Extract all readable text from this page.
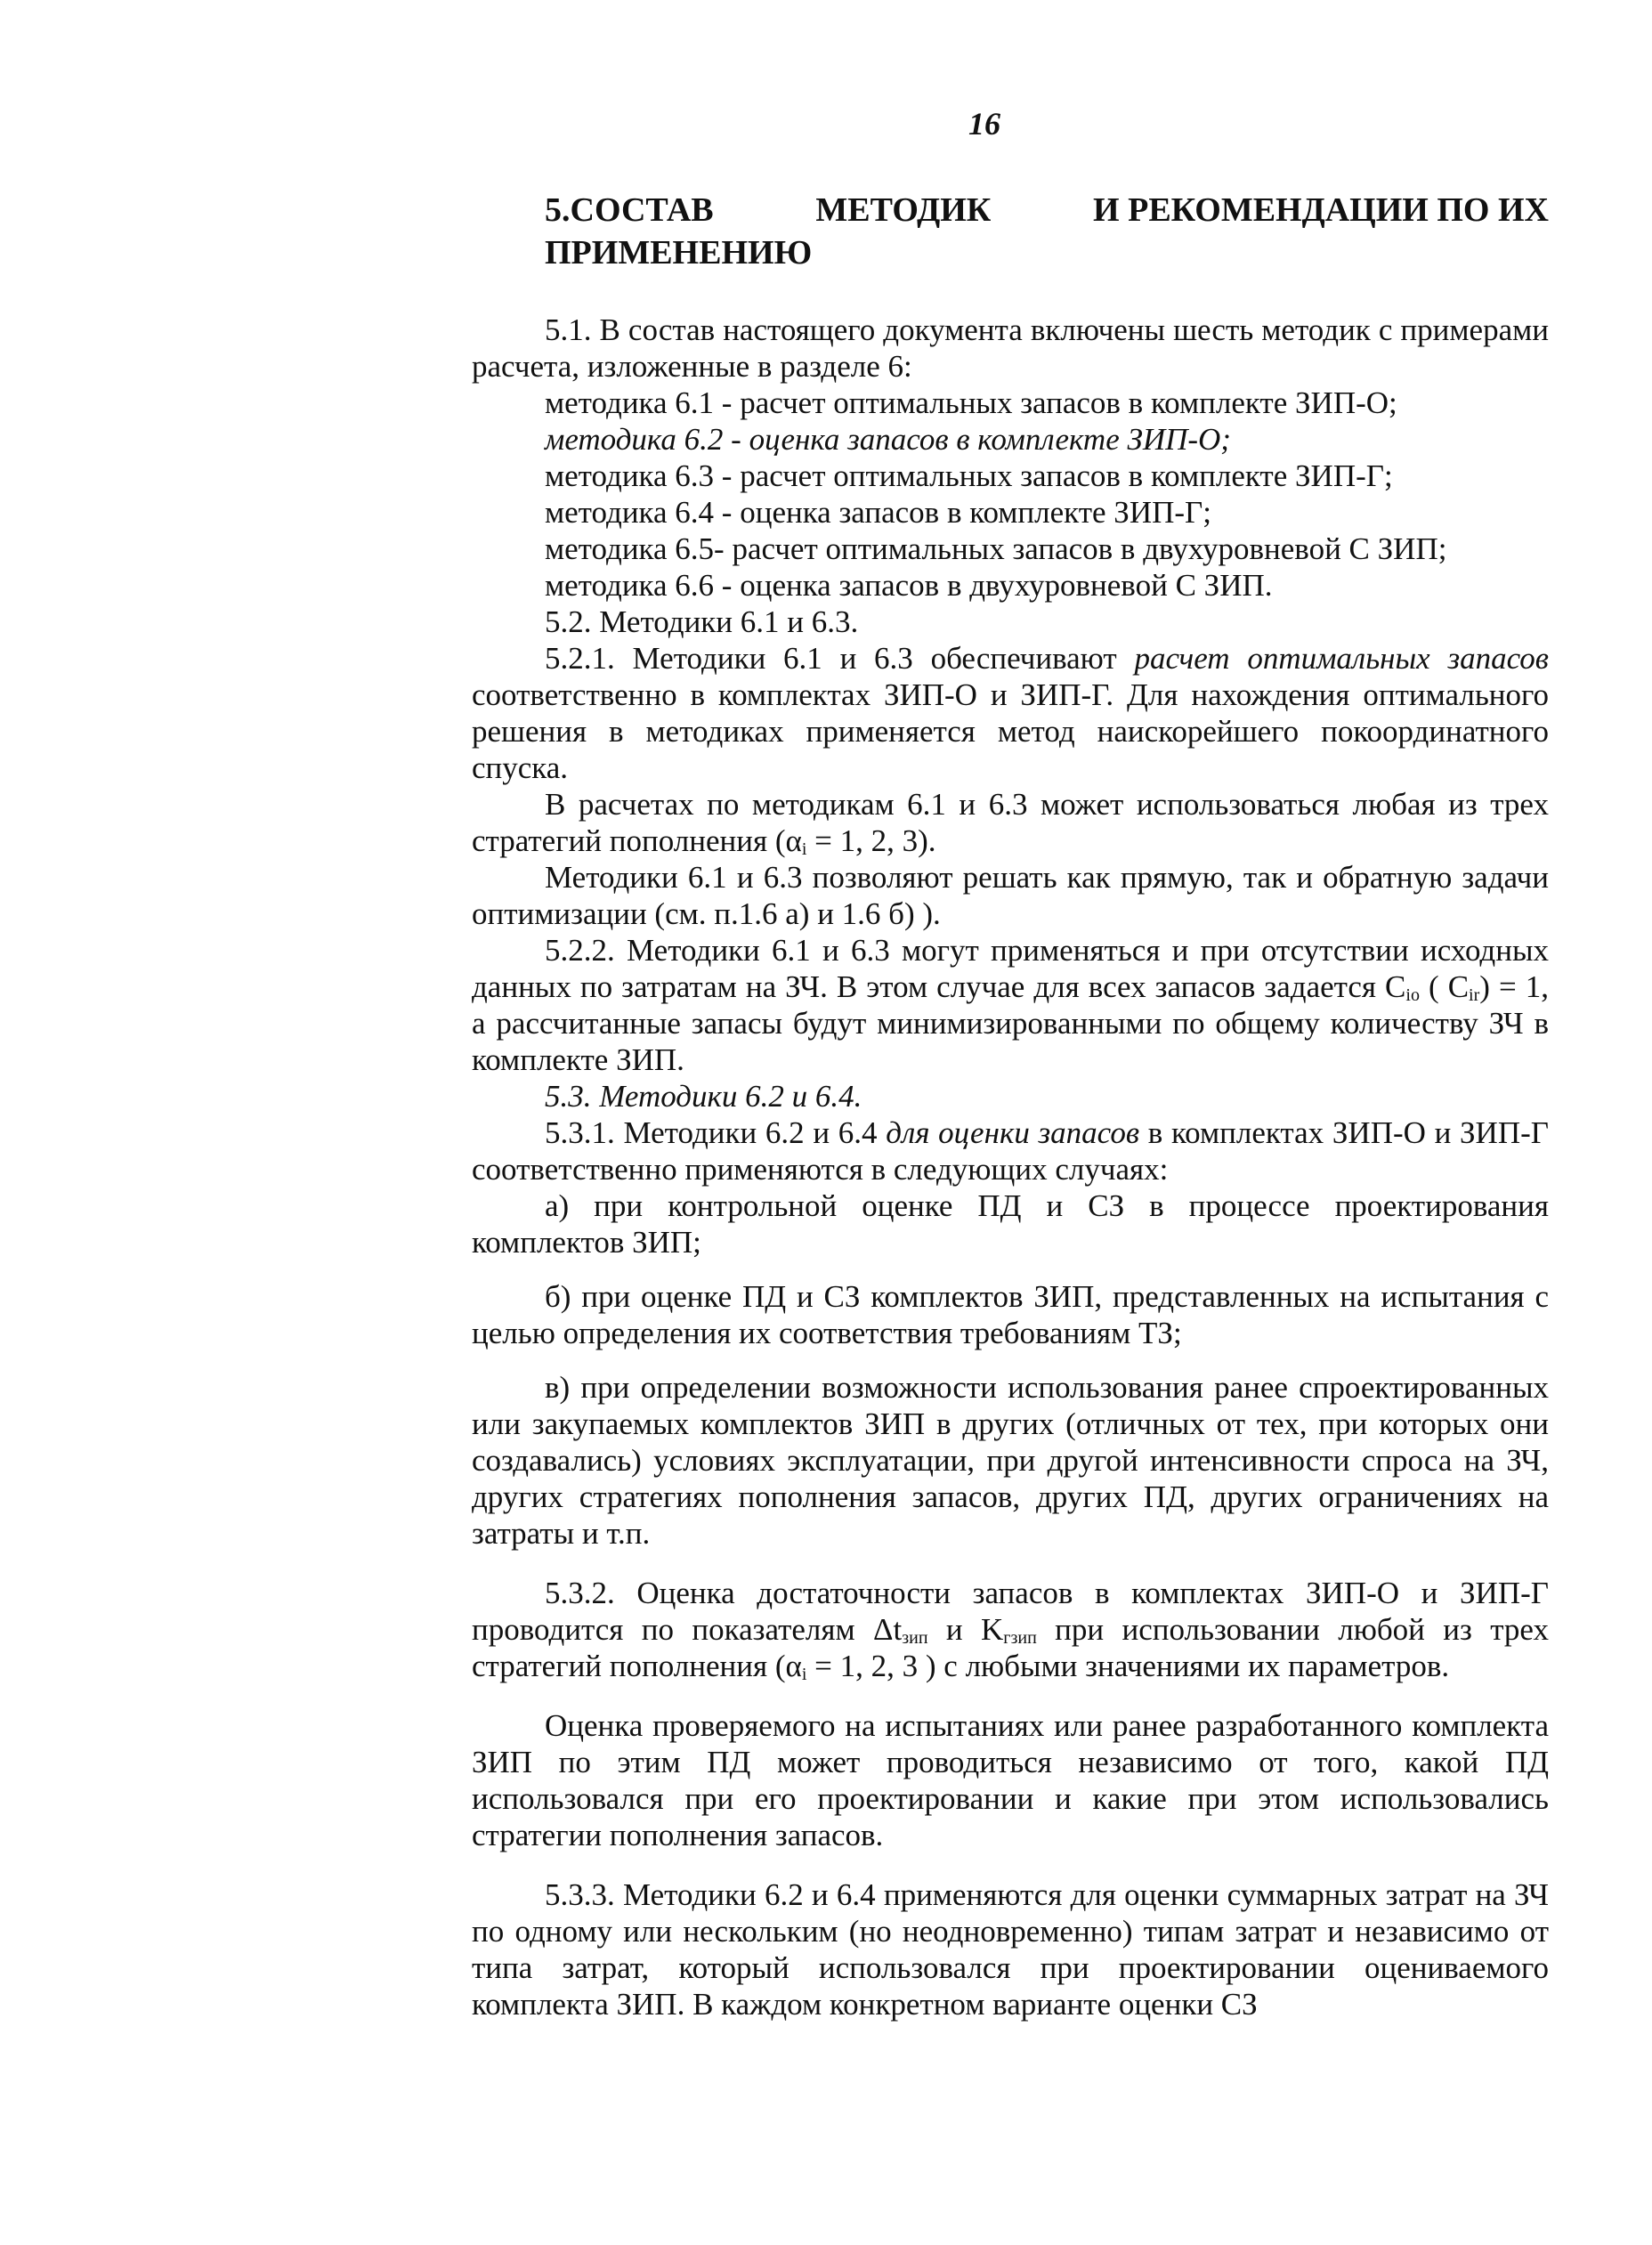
16
5.СОСТАВ	МЕТОДИК	И РЕКОМЕНДАЦИИ ПО ИХ
ПРИМЕНЕНИЮ

5.1. В состав настоящего документа включены шесть методик с примерами расчета, изложенные в разделе 6:

методика 6.1 - расчет оптимальных запасов в комплекте ЗИП-О;

методика 6.2 - оценка запасов в комплекте ЗИП-О;

методика 6.3 - расчет оптимальных запасов в комплекте ЗИП-Г;

методика 6.4 - оценка запасов в комплекте ЗИП-Г;

методика 6.5- расчет оптимальных запасов в двухуровневой С ЗИП;

методика 6.6 - оценка запасов в двухуровневой С ЗИП.

5.2. Методики 6.1 и 6.3.

5.2.1. Методики 6.1 и 6.3 обеспечивают расчет оптимальных запасов соответственно в комплектах ЗИП-О и ЗИП-Г. Для нахождения оптимального решения в методиках применяется метод наискорейшего покоординатного спуска.

В расчетах по методикам 6.1 и 6.3 может использоваться любая из трех стратегий пополнения ($\alpha_i = 1$, 2, 3).

Методики 6.1 и 6.3 позволяют решать как прямую, так и обратную задачи оптимизации (см. п.1.6 а) и 1.6 б) ).

5.2.2. Методики 6.1 и 6.3 могут применяться и при отсутствии исходных данных по затратам на ЗЧ. В этом случае для всех запасов задается $C_{io}$ ( $C_{ir}) = 1$, а рассчитанные запасы будут минимизированными по общему количеству ЗЧ в комплекте ЗИП.

5.3. Методики 6.2 и 6.4.

5.3.1. Методики 6.2 и 6.4 для оценки запасов в комплектах ЗИП-О и ЗИП-Г соответственно применяются в следующих случаях:

а) при контрольной оценке ПД и СЗ в процессе проектирования комплектов ЗИП;

б) при оценке ПД и СЗ комплектов ЗИП, представленных на испытания с целью определения их соответствия требованиям ТЗ;

в) при определении возможности использования ранее спроектированных или закупаемых комплектов ЗИП в других (отличных от тех, при которых они создавались) условиях эксплуатации, при другой интенсивности спроса на ЗЧ, других стратегиях пополнения запасов, других ПД, других ограничениях на затраты и т.п.

5.3.2. Оценка достаточности запасов в комплектах ЗИП-О и ЗИП-Г проводится по показателям $\Delta t_{зип}$ и $K_{гзип}$ при использовании любой из трех стратегий пополнения ($\alpha_i = 1$, 2, 3 ) с любыми значениями их параметров.

Оценка проверяемого на испытаниях или ранее разработанного комплекта ЗИП по этим ПД может проводиться независимо от того, какой ПД использовался при его проектировании и какие при этом использовались стратегии пополнения запасов.

5.3.3. Методики 6.2 и 6.4 применяются для оценки суммарных затрат на ЗЧ по одному или нескольким (но неодновременно) типам затрат и независимо от типа затрат, который использовался при проектировании оцениваемого комплекта ЗИП. В каждом конкретном варианте оценки СЗ
